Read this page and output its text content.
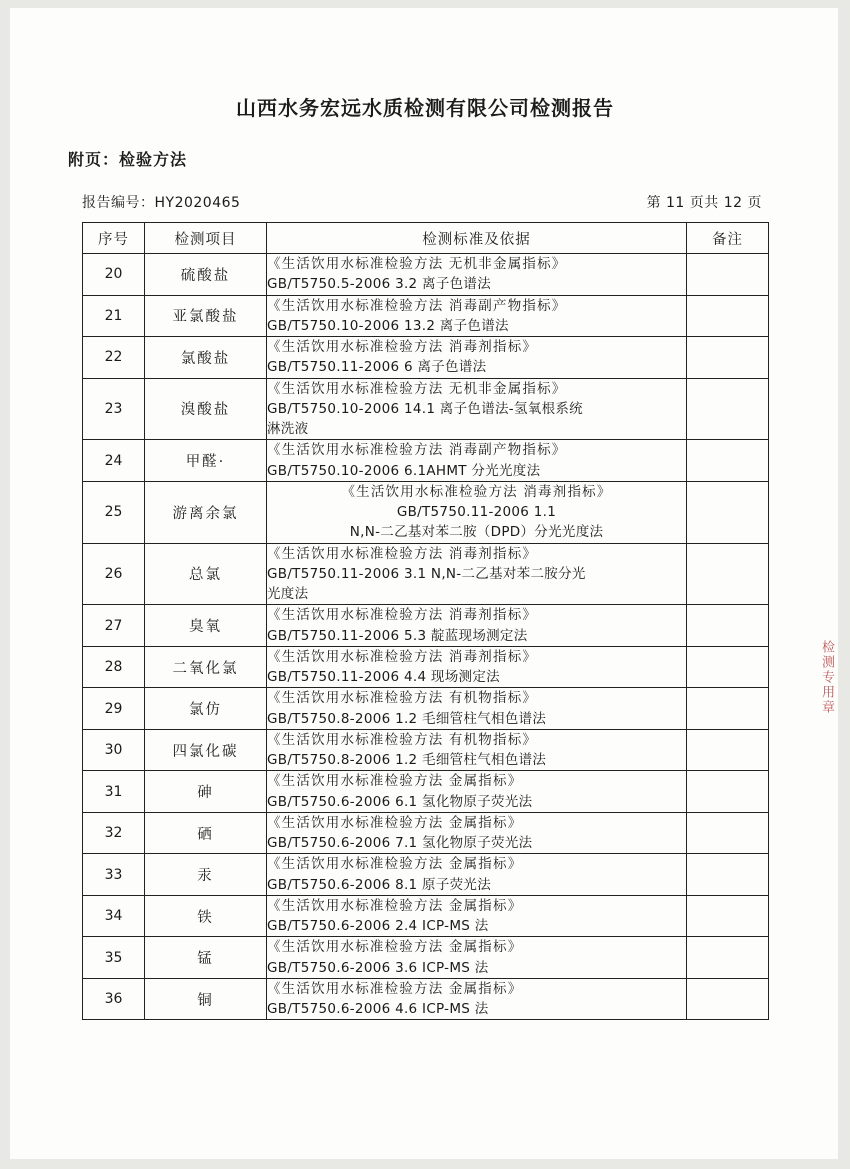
山西水务宏远水质检测有限公司检测报告
附页：检验方法
报告编号：HY2020465	第 11 页共 12 页
序号	检测项目	检测标准及依据	备注
20	硫酸盐	《生活饮用水标准检验方法 无机非金属指标》
GB/T5750.5-2006 3.2 离子色谱法	

21	亚氯酸盐	《生活饮用水标准检验方法 消毒副产物指标》
GB/T5750.10-2006 13.2 离子色谱法	

22	氯酸盐	《生活饮用水标准检验方法 消毒剂指标》
GB/T5750.11-2006 6 离子色谱法	

23	溴酸盐	《生活饮用水标准检验方法 无机非金属指标》
GB/T5750.10-2006 14.1 离子色谱法-氢氧根系统
淋洗液	

24	甲醛·	《生活饮用水标准检验方法 消毒副产物指标》
GB/T5750.10-2006 6.1AHMT 分光光度法	

25	游离余氯	《生活饮用水标准检验方法 消毒剂指标》
GB/T5750.11-2006 1.1
N,N-二乙基对苯二胺（DPD）分光光度法	

26	总氯	《生活饮用水标准检验方法 消毒剂指标》
GB/T5750.11-2006 3.1 N,N-二乙基对苯二胺分光
光度法	

27	臭氧	《生活饮用水标准检验方法 消毒剂指标》
GB/T5750.11-2006 5.3 靛蓝现场测定法	

28	二氧化氯	《生活饮用水标准检验方法 消毒剂指标》
GB/T5750.11-2006 4.4 现场测定法	

29	氯仿	《生活饮用水标准检验方法 有机物指标》
GB/T5750.8-2006 1.2 毛细管柱气相色谱法	

30	四氯化碳	《生活饮用水标准检验方法 有机物指标》
GB/T5750.8-2006 1.2 毛细管柱气相色谱法	

31	砷	《生活饮用水标准检验方法 金属指标》
GB/T5750.6-2006 6.1 氢化物原子荧光法	

32	硒	《生活饮用水标准检验方法 金属指标》
GB/T5750.6-2006 7.1 氢化物原子荧光法	

33	汞	《生活饮用水标准检验方法 金属指标》
GB/T5750.6-2006 8.1 原子荧光法	

34	铁	《生活饮用水标准检验方法 金属指标》
GB/T5750.6-2006 2.4 ICP-MS 法	

35	锰	《生活饮用水标准检验方法 金属指标》
GB/T5750.6-2006 3.6 ICP-MS 法	

36	铜	《生活饮用水标准检验方法 金属指标》
GB/T5750.6-2006 4.6 ICP-MS 法	

检测专用章
